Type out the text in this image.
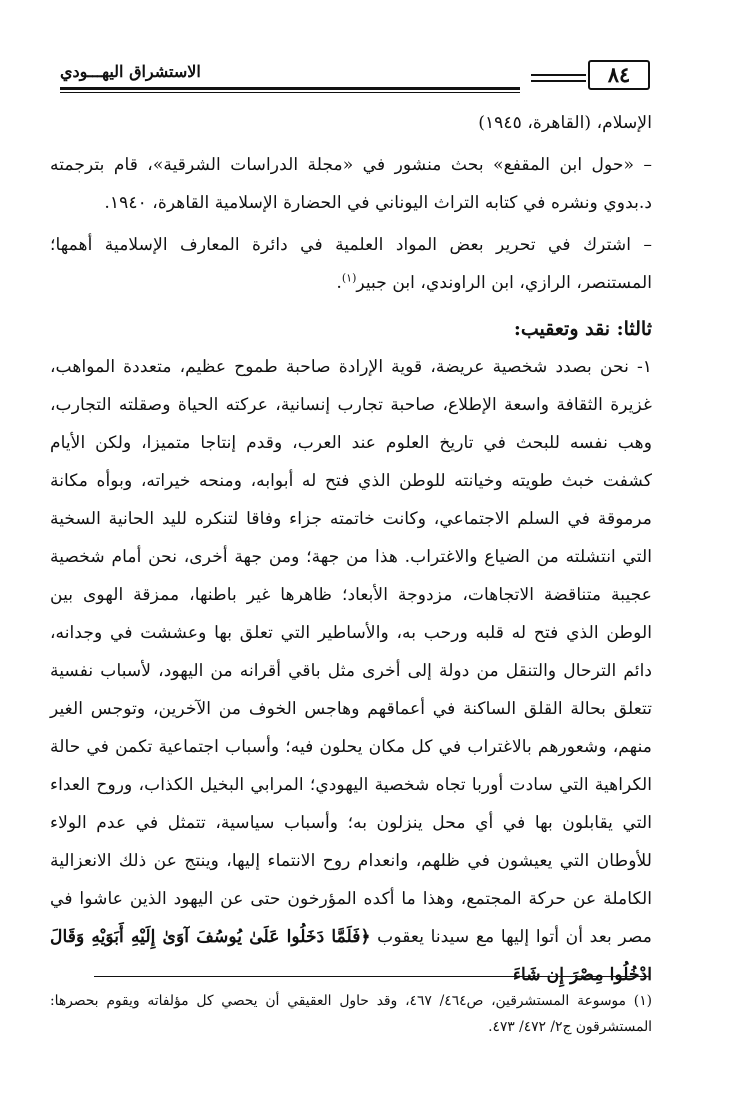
٨٤
الاستشراق اليهـــودي

الإسلام، (القاهرة، ١٩٤٥)

– «حول ابن المقفع» بحث منشور في «مجلة الدراسات الشرقية»، قام بترجمته د.بدوي ونشره في كتابه التراث اليوناني في الحضارة الإسلامية القاهرة، ١٩٤٠.

– اشترك في تحرير بعض المواد العلمية في دائرة المعارف الإسلامية أهمها؛ المستنصر، الرازي، ابن الراوندي، ابن جبير$^{(١)}$.

ثالثا: نقد وتعقيب:

١- نحن بصدد شخصية عريضة، قوية الإرادة صاحبة طموح عظيم، متعددة المواهب، غزيرة الثقافة واسعة الإطلاع، صاحبة تجارب إنسانية، عركته الحياة وصقلته التجارب، وهب نفسه للبحث في تاريخ العلوم عند العرب، وقدم إنتاجا متميزا، ولكن الأيام كشفت خبث طويته وخيانته للوطن الذي فتح له أبوابه، ومنحه خيراته، وبوأه مكانة مرموقة في السلم الاجتماعي، وكانت خاتمته جزاء وفاقا لتنكره لليد الحانية السخية التي انتشلته من الضياع والاغتراب. هذا من جهة؛ ومن جهة أخرى، نحن أمام شخصية عجيبة متناقضة الاتجاهات، مزدوجة الأبعاد؛ ظاهرها غير باطنها، ممزقة الهوى بين الوطن الذي فتح له قلبه ورحب به، والأساطير التي تعلق بها وعششت في وجدانه، دائم الترحال والتنقل من دولة إلى أخرى مثل باقي أقرانه من اليهود، لأسباب نفسية تتعلق بحالة القلق الساكنة في أعماقهم وهاجس الخوف من الآخرين، وتوجس الغير منهم، وشعورهم بالاغتراب في كل مكان يحلون فيه؛ وأسباب اجتماعية تكمن في حالة الكراهية التي سادت أوربا تجاه شخصية اليهودي؛ المرابي البخيل الكذاب، وروح العداء التي يقابلون بها في أي محل ينزلون به؛ وأسباب سياسية، تتمثل في عدم الولاء للأوطان التي يعيشون في ظلهم، وانعدام روح الانتماء إليها، وينتج عن ذلك الانعزالية الكاملة عن حركة المجتمع، وهذا ما أكده المؤرخون حتى عن اليهود الذين عاشوا في مصر بعد أن أتوا إليها مع سيدنا يعقوب ﴿فَلَمَّا دَخَلُوا عَلَىٰ يُوسُفَ آوَىٰ إِلَيْهِ أَبَوَيْهِ وَقَالَ ادْخُلُوا مِصْرَ إِن شَاءَ

(١) موسوعة المستشرقين، ص٤٦٤/ ٤٦٧، وقد حاول العقيقي أن يحصي كل مؤلفاته ويقوم بحصرها: المستشرقون ج٢/ ٤٧٢/ ٤٧٣.
